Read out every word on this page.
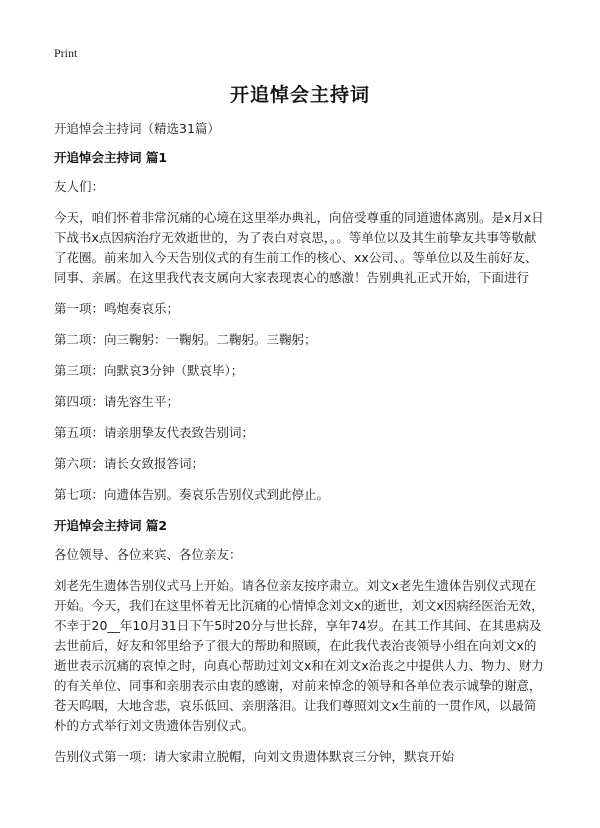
Print
开追悼会主持词

开追悼会主持词（精选31篇）

开追悼会主持词 篇1

友人们：

今天，咱们怀着非常沉痛的心境在这里举办典礼，向倍受尊重的同道遗体离别。是x月x日下战书x点因病治疗无效逝世的，为了表白对哀思，。。等单位以及其生前挚友共事等敬献了花圈。前来加入今天告别仪式的有生前工作的核心、xx公司、。等单位以及生前好友、同事、亲属。在这里我代表支属向大家表现衷心的感激！告别典礼正式开始，下面进行

第一项：鸣炮奏哀乐；

第二项：向三鞠躬：一鞠躬。二鞠躬。三鞠躬；

第三项：向默哀3分钟（默哀毕）；

第四项：请先容生平；

第五项：请亲朋挚友代表致告别词；

第六项：请长女致报答词；

第七项：向遗体告别。奏哀乐告别仪式到此停止。

开追悼会主持词 篇2

各位领导、各位来宾、各位亲友：

刘老先生遗体告别仪式马上开始。请各位亲友按序肃立。刘文x老先生遗体告别仪式现在开始。今天，我们在这里怀着无比沉痛的心情悼念刘文x的逝世，刘文x因病经医治无效，不幸于20__年10月31日下午5时20分与世长辞，享年74岁。在其工作其间、在其患病及去世前后，好友和邻里给予了很大的帮助和照顾，在此我代表治丧领导小组在向刘文x的逝世表示沉痛的哀悼之时，向真心帮助过刘文x和在刘文x治丧之中提供人力、物力、财力的有关单位、同事和亲朋表示由衷的感谢，对前来悼念的领导和各单位表示诚挚的谢意，苍天呜咽，大地含悲，哀乐低回、亲朋落泪。让我们尊照刘文x生前的一贯作风，以最简朴的方式举行刘文贵遗体告别仪式。

告别仪式第一项：请大家肃立脱帽，向刘文贵遗体默哀三分钟，默哀开始
